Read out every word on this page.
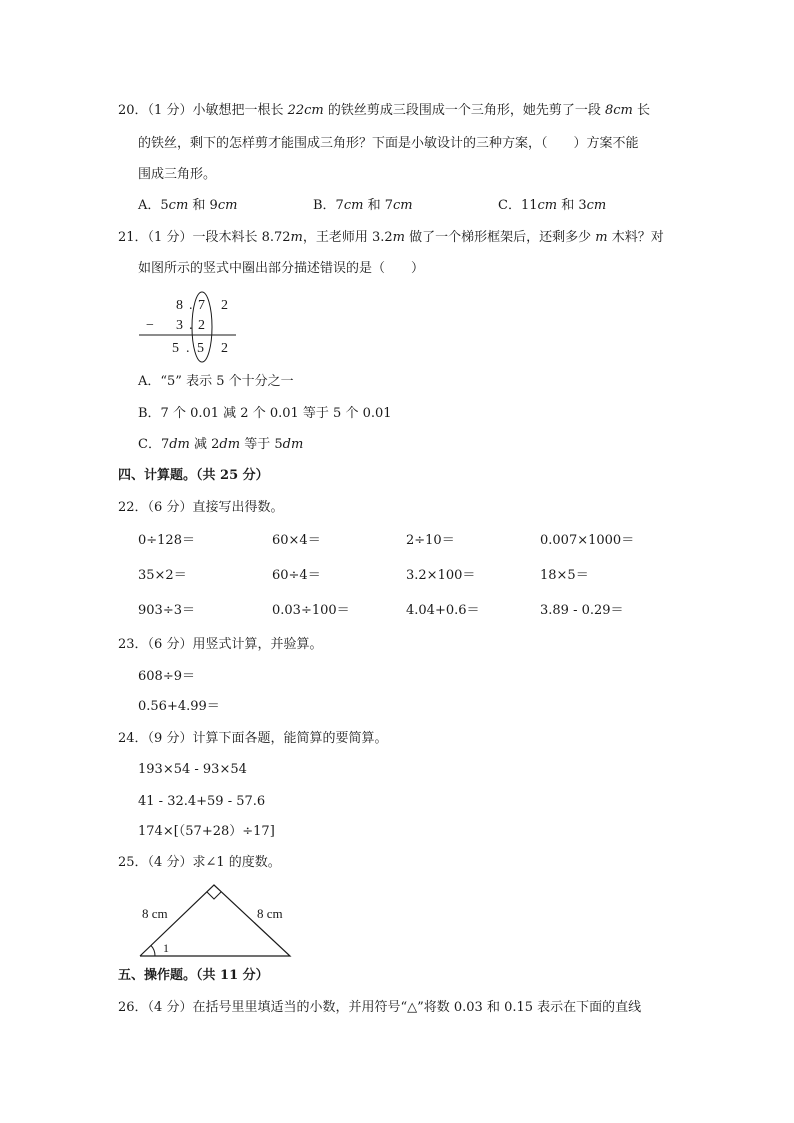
20．（1 分）小敏想把一根长 22cm 的铁丝剪成三段围成一个三角形，她先剪了一段 8cm 长
的铁丝，剩下的怎样剪才能围成三角形？下面是小敏设计的三种方案，（　　）方案不能
围成三角形。
A．5cm 和 9cm	B．7cm 和 7cm	C．11cm 和 3cm
21．（1 分）一段木料长 8.72m，王老师用 3.2m 做了一个梯形框架后，还剩多少 m 木料？对
如图所示的竖式中圈出部分描述错误的是（　　）
8 . 7 2
− 3 . 2
5 . 5 2
A．“5” 表示 5 个十分之一
B．7 个 0.01 减 2 个 0.01 等于 5 个 0.01
C．7dm 减 2dm 等于 5dm
四、计算题。（共 25 分）
22．（6 分）直接写出得数。
0÷128＝	60×4＝	2÷10＝	0.007×1000＝
35×2＝	60÷4＝	3.2×100＝	18×5＝
903÷3＝	0.03÷100＝	4.04+0.6＝	3.89 - 0.29＝
23．（6 分）用竖式计算，并验算。
608÷9＝
0.56+4.99＝
24．（9 分）计算下面各题，能简算的要简算。
193×54 - 93×54
41 - 32.4+59 - 57.6
174×[（57+28）÷17]
25．（4 分）求∠1 的度数。
8 cm	8 cm
1
五、操作题。（共 11 分）
26．（4 分）在括号里里填适当的小数，并用符号“△”将数 0.03 和 0.15 表示在下面的直线
